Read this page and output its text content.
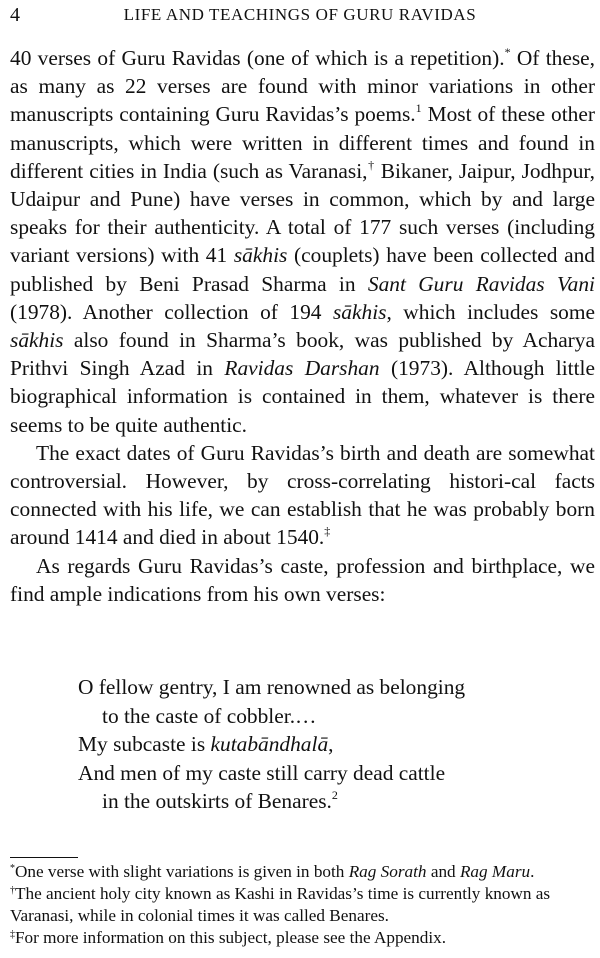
4	LIFE AND TEACHINGS OF GURU RAVIDAS

40 verses of Guru Ravidas (one of which is a repetition).* Of these, as many as 22 verses are found with minor variations in other manuscripts containing Guru Ravidas’s poems.$^1$ Most of these other manuscripts, which were written in different times and found in different cities in India (such as Varanasi,† Bikaner, Jaipur, Jodhpur, Udaipur and Pune) have verses in common, which by and large speaks for their authenticity. A total of 177 such verses (including variant versions) with 41 sākhis (couplets) have been collected and published by Beni Prasad Sharma in Sant Guru Ravidas Vani (1978). Another collection of 194 sākhis, which includes some sākhis also found in Sharma’s book, was published by Acharya Prithvi Singh Azad in Ravidas Darshan (1973). Although little biographical information is contained in them, whatever is there seems to be quite authentic.

The exact dates of Guru Ravidas’s birth and death are somewhat controversial. However, by cross-correlating histori-cal facts connected with his life, we can establish that he was probably born around 1414 and died in about 1540.‡

As regards Guru Ravidas’s caste, profession and birthplace, we find ample indications from his own verses:

O fellow gentry, I am renowned as belonging
to the caste of cobbler.…
My subcaste is kutabāndhalā,
And men of my caste still carry dead cattle
in the outskirts of Benares.$^2$
*One verse with slight variations is given in both Rag Sorath and Rag Maru.
†The ancient holy city known as Kashi in Ravidas’s time is currently known as Varanasi, while in colonial times it was called Benares.
‡For more information on this subject, please see the Appendix.
